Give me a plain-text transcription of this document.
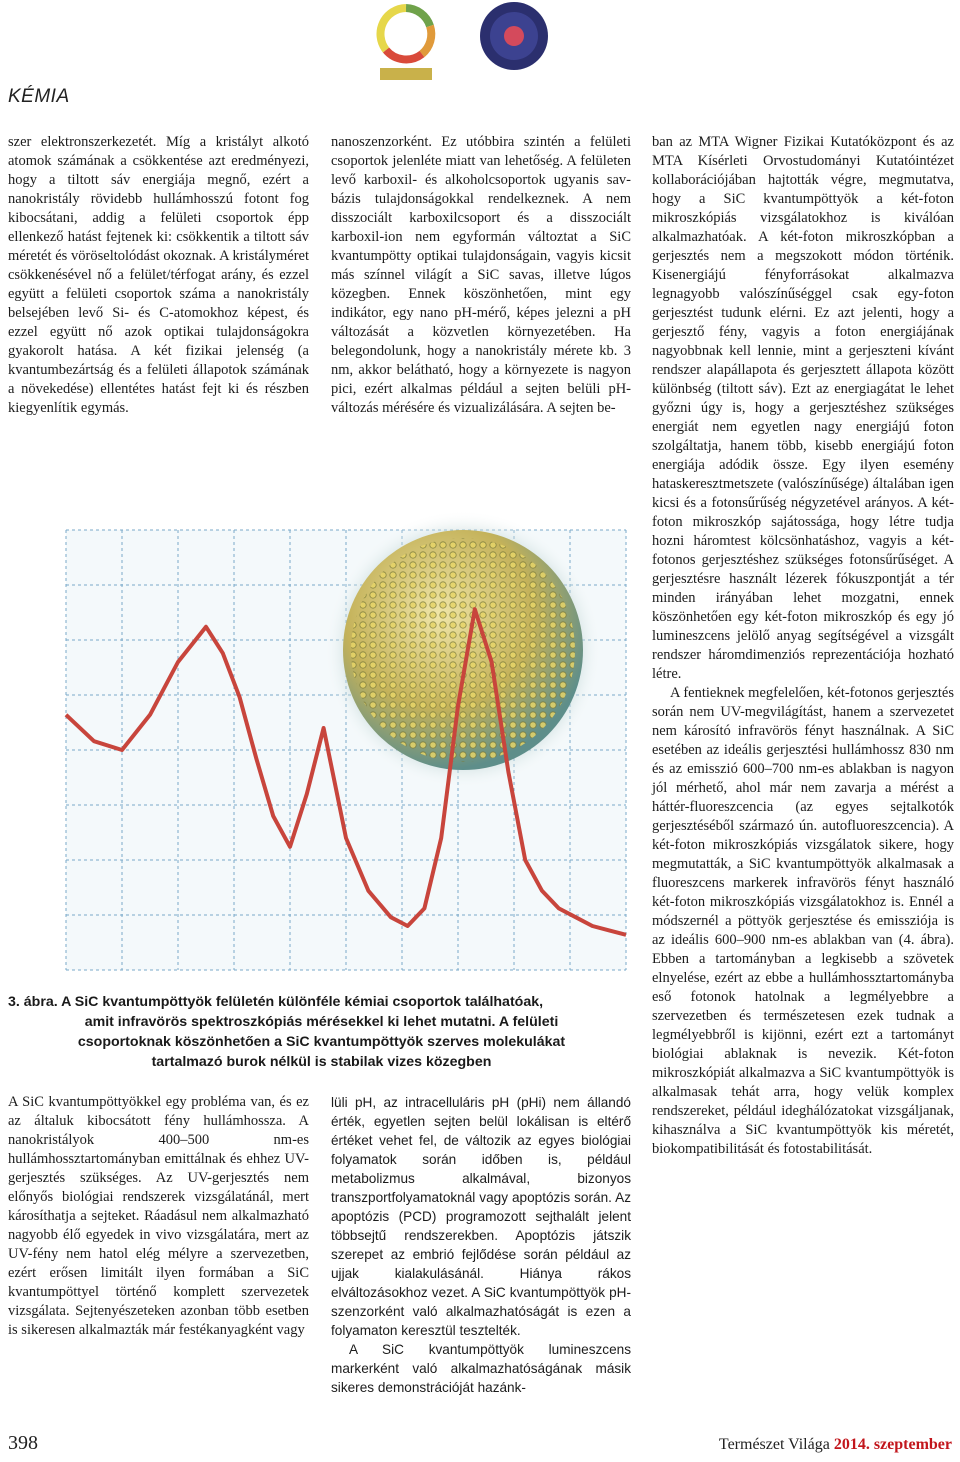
KÉMIA

szer elektronszerkezetét. Míg a kristályt alkotó atomok számának a csökkentése azt eredményezi, hogy a tiltott sáv energiája megnő, ezért a nanokristály rövidebb hullámhosszú fotont fog kibocsátani, addig a felületi csoportok épp ellenkező hatást fejtenek ki: csökkentik a tiltott sáv méretét és vöröseltolódást okoznak. A kristályméret csökkenésével nő a felület/térfogat arány, és ezzel együtt a felületi csoportok száma a nanokristály belsejében levő Si- és C-atomokhoz képest, és ezzel együtt nő azok optikai tulajdonságokra gyakorolt hatása. A két fizikai jelenség (a kvantumbezártság és a felületi állapotok számának a növekedése) ellentétes hatást fejt ki és részben kiegyenlítik egymás.

nanoszenzorként. Ez utóbbira szintén a felületi csoportok jelenléte miatt van lehetőség. A felületen levő karboxil- és alkoholcsoportok ugyanis sav-bázis tulajdonságokkal rendelkeznek. A nem disszociált karboxilcsoport és a disszociált karboxil-ion nem egyformán változtat a SiC kvantumpötty optikai tulajdonságain, vagyis kicsit más színnel világít a SiC savas, illetve lúgos közegben. Ennek köszönhetően, mint egy indikátor, egy nano pH-mérő, képes jelezni a pH változását a közvetlen környezetében. Ha belegondolunk, hogy a nanokristály mérete kb. 3 nm, akkor belátható, hogy a környezete is nagyon pici, ezért alkalmas például a sejten belüli pH-változás mérésére és vizualizálására. A sejten be-

ban az MTA Wigner Fizikai Kutatóközpont és az MTA Kísérleti Orvostudományi Kutatóintézet kollaborációjában hajtották végre, megmutatva, hogy a SiC kvantumpöttyök a két-foton mikroszkópiás vizsgálatokhoz is kiválóan alkalmazhatóak. A két-foton mikroszkópban a gerjesztés nem a megszokott módon történik. Kisenergiájú fényforrásokat alkalmazva legnagyobb valószínűséggel csak egy-foton gerjesztést tudunk elérni. Ez azt jelenti, hogy a gerjesztő fény, vagyis a foton energiájának nagyobbnak kell lennie, mint a gerjeszteni kívánt rendszer alapállapota és gerjesztett állapota között különbség (tiltott sáv). Ezt az energiagátat le lehet győzni úgy is, hogy a gerjesztéshez szükséges energiát nem egyetlen nagy energiájú foton szolgáltatja, hanem több, kisebb energiájú foton energiája adódik össze. Egy ilyen esemény hataskeresztmetszete (valószínűsége) általában igen kicsi és a fotonsűrűség négyzetével arányos. A két-foton mikroszkóp sajátossága, hogy létre tudja hozni háromtest kölcsönhatáshoz, vagyis a két-fotonos gerjesztéshez szükséges fotonsűrűséget. A gerjesztésre használt lézerek fókuszpontját a tér minden irányában lehet mozgatni, ennek köszönhetően egy két-foton mikroszkóp és egy jó lumineszcens jelölő anyag segítségével a vizsgált rendszer háromdimenziós reprezentációja hozható létre.

A fentieknek megfelelően, két-fotonos gerjesztés során nem UV-megvilágítást, hanem a szervezetet nem károsító infravörös fényt használnak. A SiC esetében az ideális gerjesztési hullámhossz 830 nm és az emisszió 600–700 nm-es ablakban is nagyon jól mérhető, ahol már nem zavarja a mérést a háttér-fluoreszcencia (az egyes sejtalkotók gerjesztéséből származó ún. autofluoreszcencia). A két-foton mikroszkópiás vizsgálatok sikere, hogy megmutatták, a SiC kvantumpöttyök alkalmasak a fluoreszcens markerek infravörös fényt használó két-foton mikroszkópiás vizsgálatokhoz is. Ennél a módszernél a pöttyök gerjesztése és emissziója is az ideális 600–900 nm-es ablakban van (4. ábra). Ebben a tartományban a legkisebb a szövetek elnyelése, ezért az ebbe a hullámhossztartományba eső fotonok hatolnak a legmélyebbre a szervezetben és természetesen ezek tudnak a legmélyebbről is kijönni, ezért ezt a tartományt biológiai ablaknak is nevezik. Két-foton mikroszkópiát alkalmazva a SiC kvantumpöttyök is alkalmasak tehát arra, hogy velük komplex rendszereket, például ideghálózatokat vizsgáljanak, kihasználva a SiC kvantumpöttyök kis méretét, biokompatibilitását és fotostabilitását.

3. ábra. A SiC kvantumpöttyök felületén különféle kémiai csoportok találhatóak,
amit infravörös spektroszkópiás mérésekkel ki lehet mutatni. A felületi
csoportoknak köszönhetően a SiC kvantumpöttyök szerves molekulákat
tartalmazó burok nélkül is stabilak vizes közegben

A SiC kvantumpöttyökkel egy probléma van, és ez az általuk kibocsátott fény hullámhossza. A nanokristályok 400–500 nm-es hullámhossztartományban emittálnak és ehhez UV-gerjesztés szükséges. Az UV-gerjesztés nem előnyős biológiai rendszerek vizsgálatánál, mert károsíthatja a sejteket. Ráadásul nem alkalmazható nagyobb élő egyedek in vivo vizsgálatára, mert az UV-fény nem hatol elég mélyre a szervezetben, ezért erősen limitált ilyen formában a SiC kvantumpöttyel történő komplett szervezetek vizsgálata. Sejtenyészeteken azonban több esetben is sikeresen alkalmazták már festékanyagként vagy

lüli pH, az intracelluláris pH (pHi) nem állandó érték, egyetlen sejten belül lokálisan is eltérő értéket vehet fel, de változik az egyes biológiai folyamatok során időben is, például metabolizmus alkalmával, bizonyos transzportfolyamatoknál vagy apoptózis során. Az apoptózis (PCD) programozott sejthalált jelent többsejtű rendszerekben. Apoptózis játszik szerepet az embrió fejlődése során például az ujjak kialakulásánál. Hiánya rákos elváltozásokhoz vezet. A SiC kvantumpöttyök pH-szenzorként való alkalmazhatóságát is ezen a folyamaton keresztül tesztelték.

A SiC kvantumpöttyök lumineszcens markerként való alkalmazhatóságának másik sikeres demonstrációját hazánk-

398	Természet Világa 2014. szeptember
